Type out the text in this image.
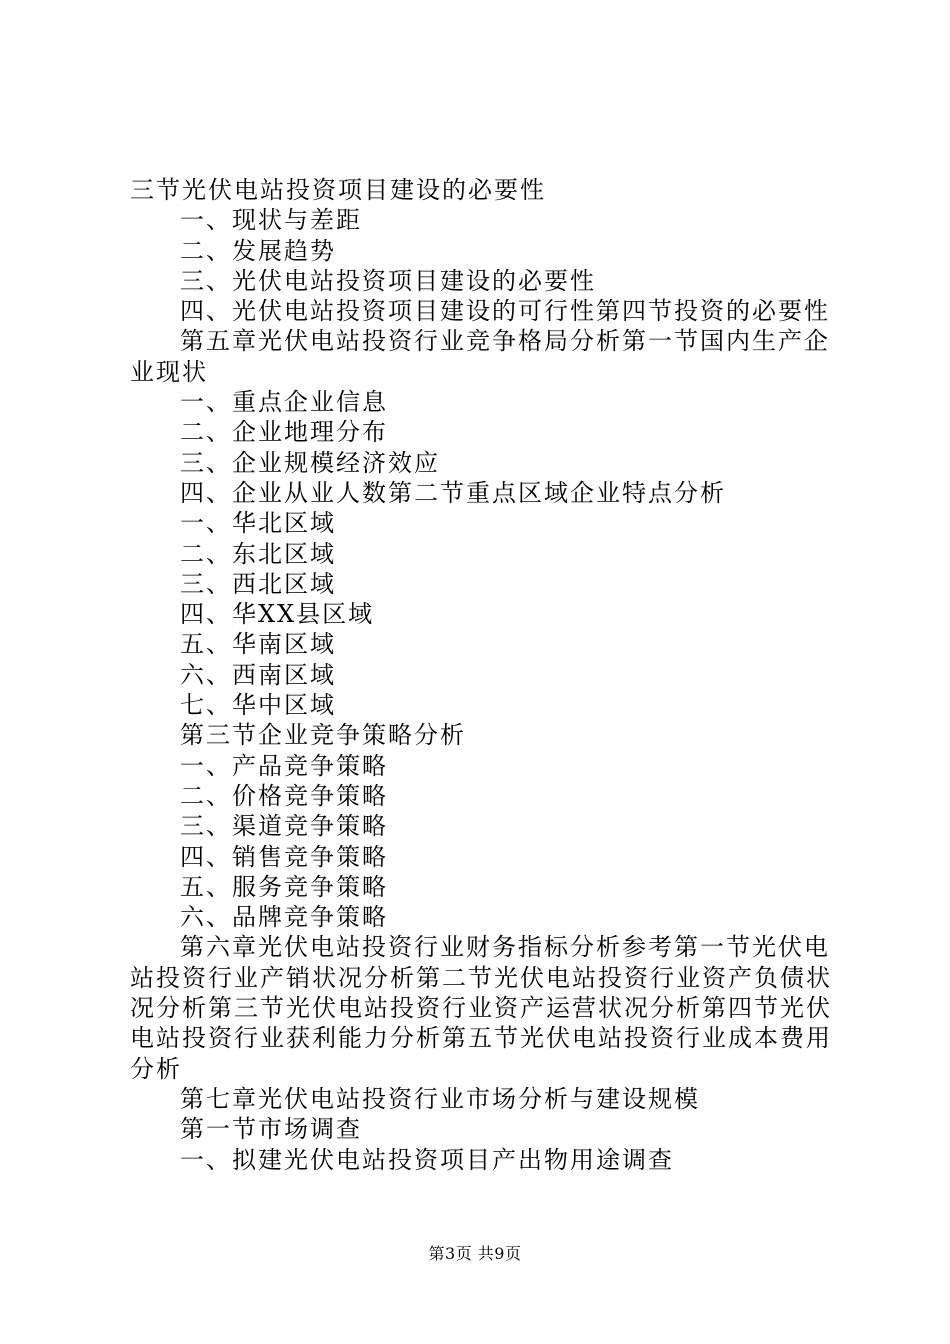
三节光伏电站投资项目建设的必要性
一、现状与差距
二、发展趋势
三、光伏电站投资项目建设的必要性
四、光伏电站投资项目建设的可行性第四节投资的必要性
第五章光伏电站投资行业竞争格局分析第一节国内生产企
业现状
一、重点企业信息
二、企业地理分布
三、企业规模经济效应
四、企业从业人数第二节重点区域企业特点分析
一、华北区域
二、东北区域
三、西北区域
四、华XX县区域
五、华南区域
六、西南区域
七、华中区域
第三节企业竞争策略分析
一、产品竞争策略
二、价格竞争策略
三、渠道竞争策略
四、销售竞争策略
五、服务竞争策略
六、品牌竞争策略
第六章光伏电站投资行业财务指标分析参考第一节光伏电
站投资行业产销状况分析第二节光伏电站投资行业资产负债状
况分析第三节光伏电站投资行业资产运营状况分析第四节光伏
电站投资行业获利能力分析第五节光伏电站投资行业成本费用
分析
第七章光伏电站投资行业市场分析与建设规模
第一节市场调查
一、拟建光伏电站投资项目产出物用途调查
第3页 共9页
